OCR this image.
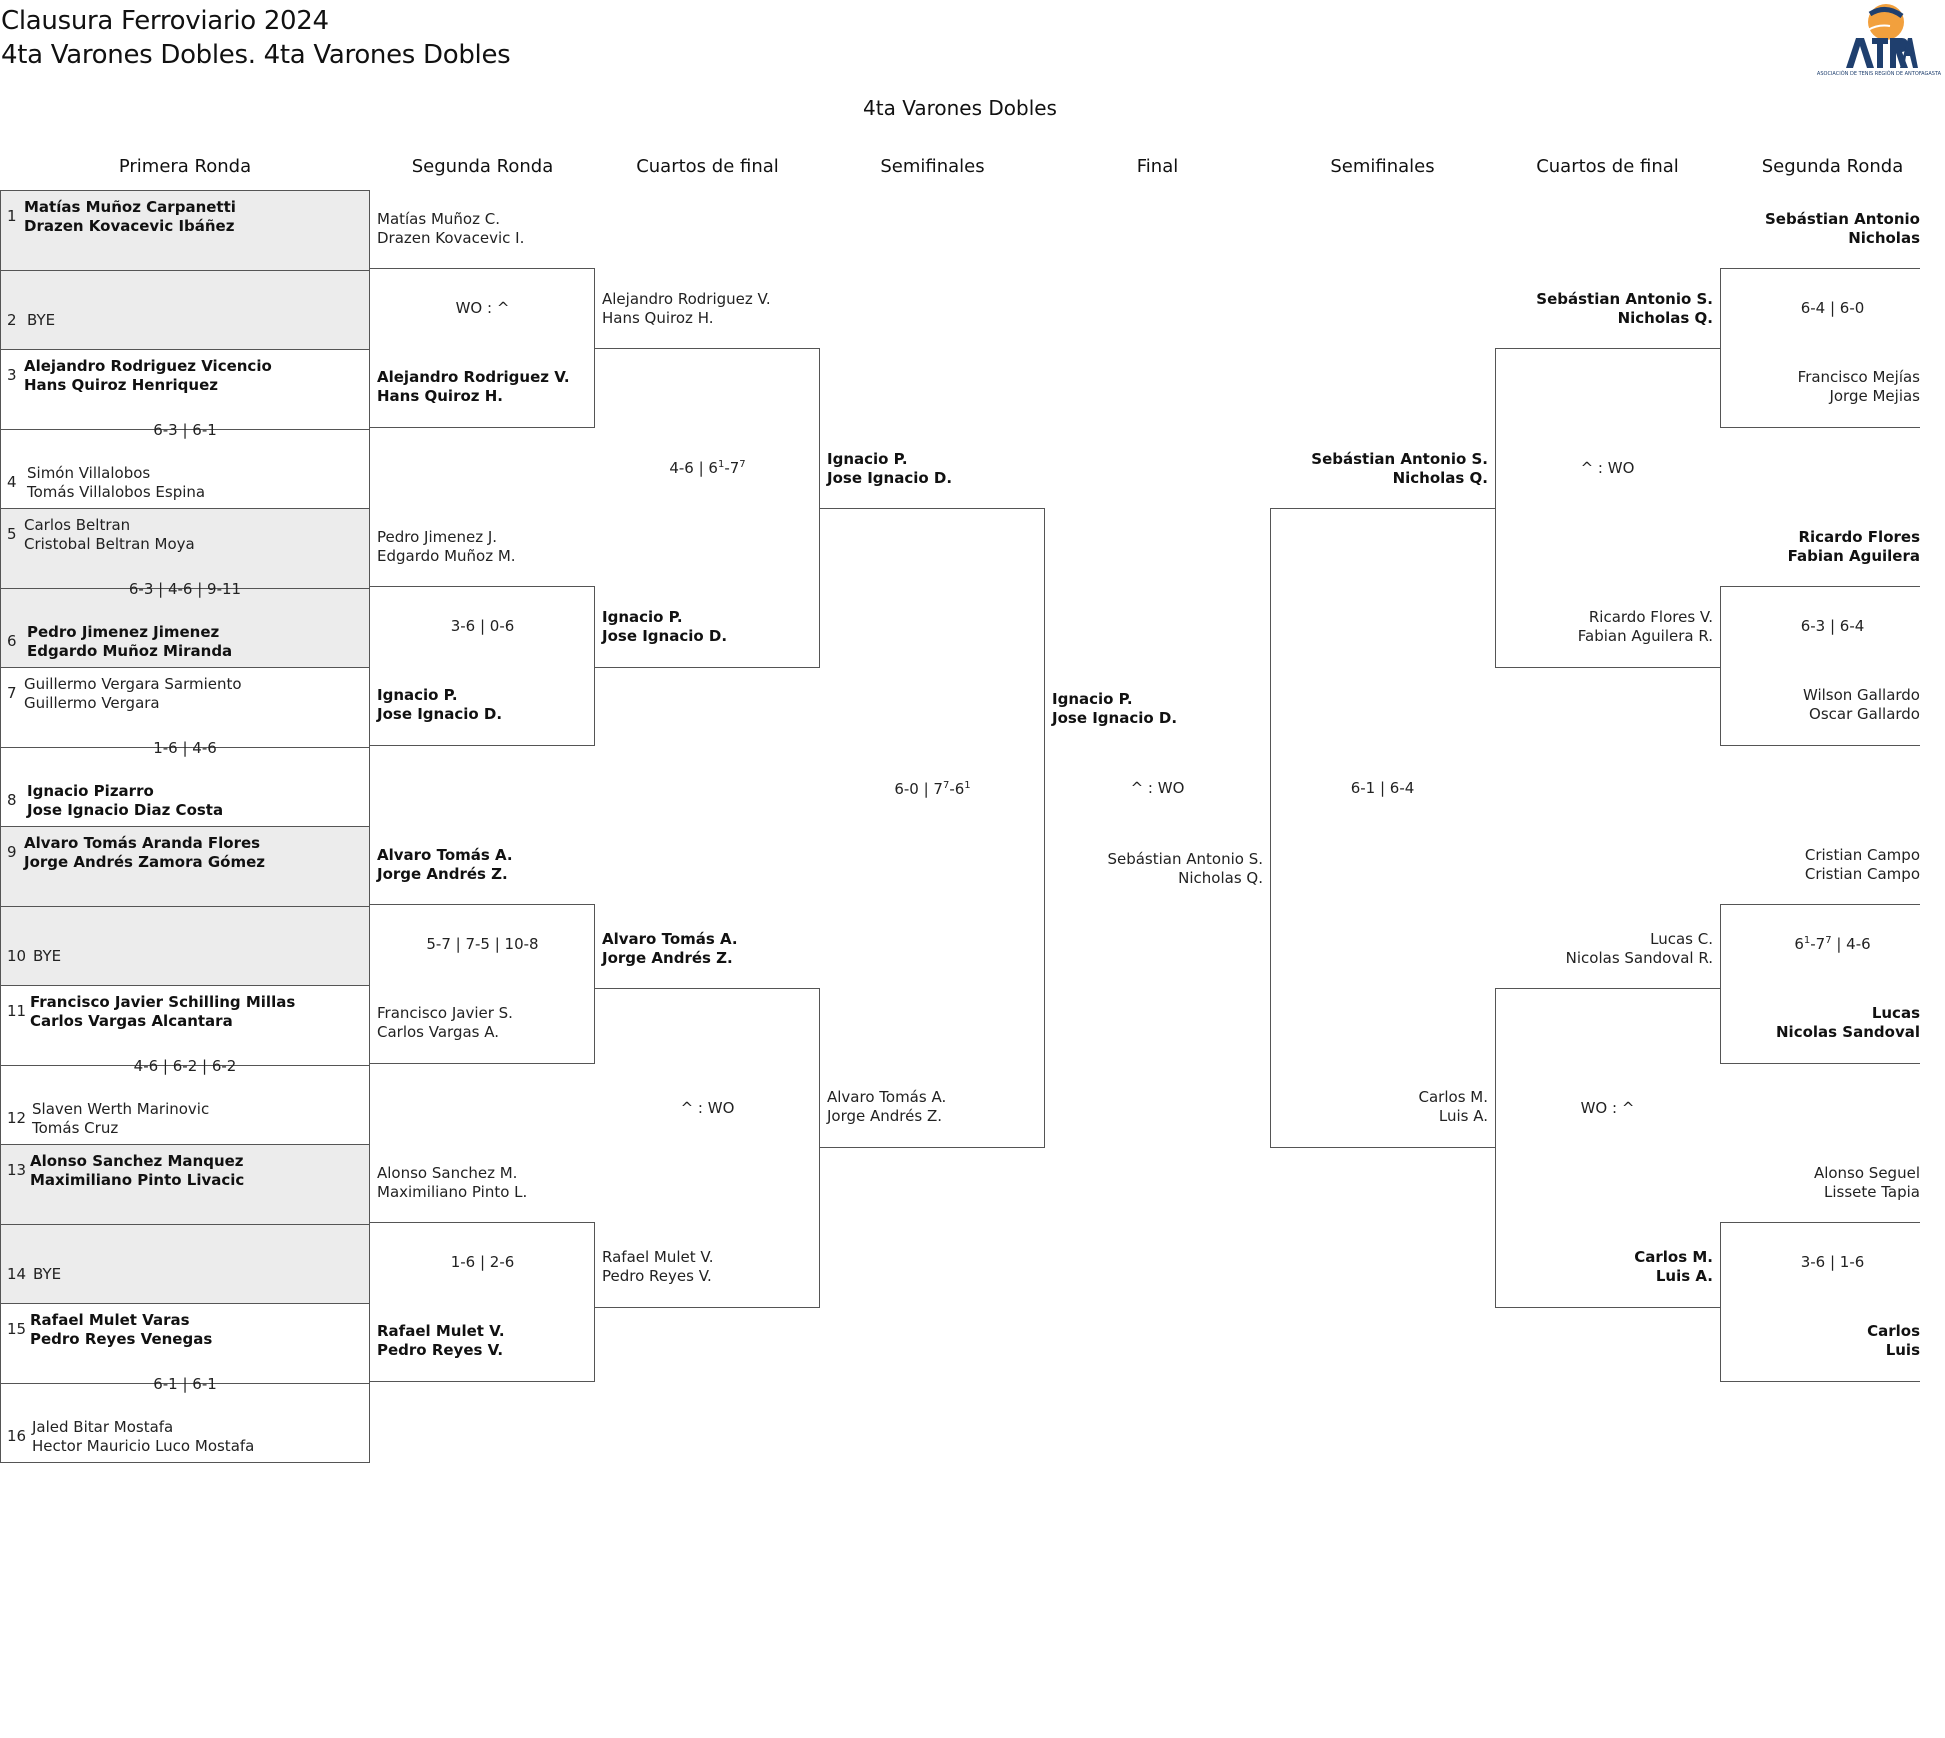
Clausura Ferroviario 2024
4ta Varones Dobles. 4ta Varones Dobles
ASOCIACIÓN DE TENIS REGIÓN DE ANTOFAGASTA
4ta Varones Dobles
Primera Ronda	Segunda Ronda	Cuartos de final	Semifinales	Final	Semifinales	Cuartos de final	Segunda Ronda
1 Matías Muñoz Carpanetti
Drazen Kovacevic Ibáñez
2 BYE
3 Alejandro Rodriguez Vicencio
Hans Quiroz Henriquez
4 Simón Villalobos
Tomás Villalobos Espina
6-3 | 6-1
5 Carlos Beltran
Cristobal Beltran Moya
6 Pedro Jimenez Jimenez
Edgardo Muñoz Miranda
6-3 | 4-6 | 9-11
7 Guillermo Vergara Sarmiento
Guillermo Vergara
8 Ignacio Pizarro
Jose Ignacio Diaz Costa
1-6 | 4-6
9 Alvaro Tomás Aranda Flores
Jorge Andrés Zamora Gómez
10 BYE
11 Francisco Javier Schilling Millas
Carlos Vargas Alcantara
12 Slaven Werth Marinovic
Tomás Cruz
4-6 | 6-2 | 6-2
13 Alonso Sanchez Manquez
Maximiliano Pinto Livacic
14 BYE
15 Rafael Mulet Varas
Pedro Reyes Venegas
16 Jaled Bitar Mostafa
Hector Mauricio Luco Mostafa
6-1 | 6-1
Matías Muñoz C.
Drazen Kovacevic I.
Alejandro Rodriguez V.
Hans Quiroz H.
WO : ^
Pedro Jimenez J.
Edgardo Muñoz M.
Ignacio P.
Jose Ignacio D.
3-6 | 0-6
Alvaro Tomás A.
Jorge Andrés Z.
Francisco Javier S.
Carlos Vargas A.
5-7 | 7-5 | 10-8
Alonso Sanchez M.
Maximiliano Pinto L.
Rafael Mulet V.
Pedro Reyes V.
1-6 | 2-6
Alejandro Rodriguez V.
Hans Quiroz H.
Ignacio P.
Jose Ignacio D.
4-6 | $6^1-7^7$
Alvaro Tomás A.
Jorge Andrés Z.
Rafael Mulet V.
Pedro Reyes V.
^ : WO
Ignacio P.
Jose Ignacio D.
Alvaro Tomás A.
Jorge Andrés Z.
6-0 | $7^7-6^1$
Ignacio P.
Jose Ignacio D.
^ : WO
Sebástian Antonio S.
Nicholas Q.
Sebástian Antonio S.
Nicholas Q.
Carlos M.
Luis A.
6-1 | 6-4
Sebástian Antonio S.
Nicholas Q.
Ricardo Flores V.
Fabian Aguilera R.
^ : WO
Lucas C.
Nicolas Sandoval R.
Carlos M.
Luis A.
WO : ^
Sebástian Antonio
Nicholas
Francisco Mejías
Jorge Mejias
6-4 | 6-0
Ricardo Flores
Fabian Aguilera
Wilson Gallardo
Oscar Gallardo
6-3 | 6-4
Cristian Campo
Cristian Campo
Lucas
Nicolas Sandoval
$6^1-7^7$ | 4-6
Alonso Seguel
Lissete Tapia
Carlos
Luis
3-6 | 1-6
